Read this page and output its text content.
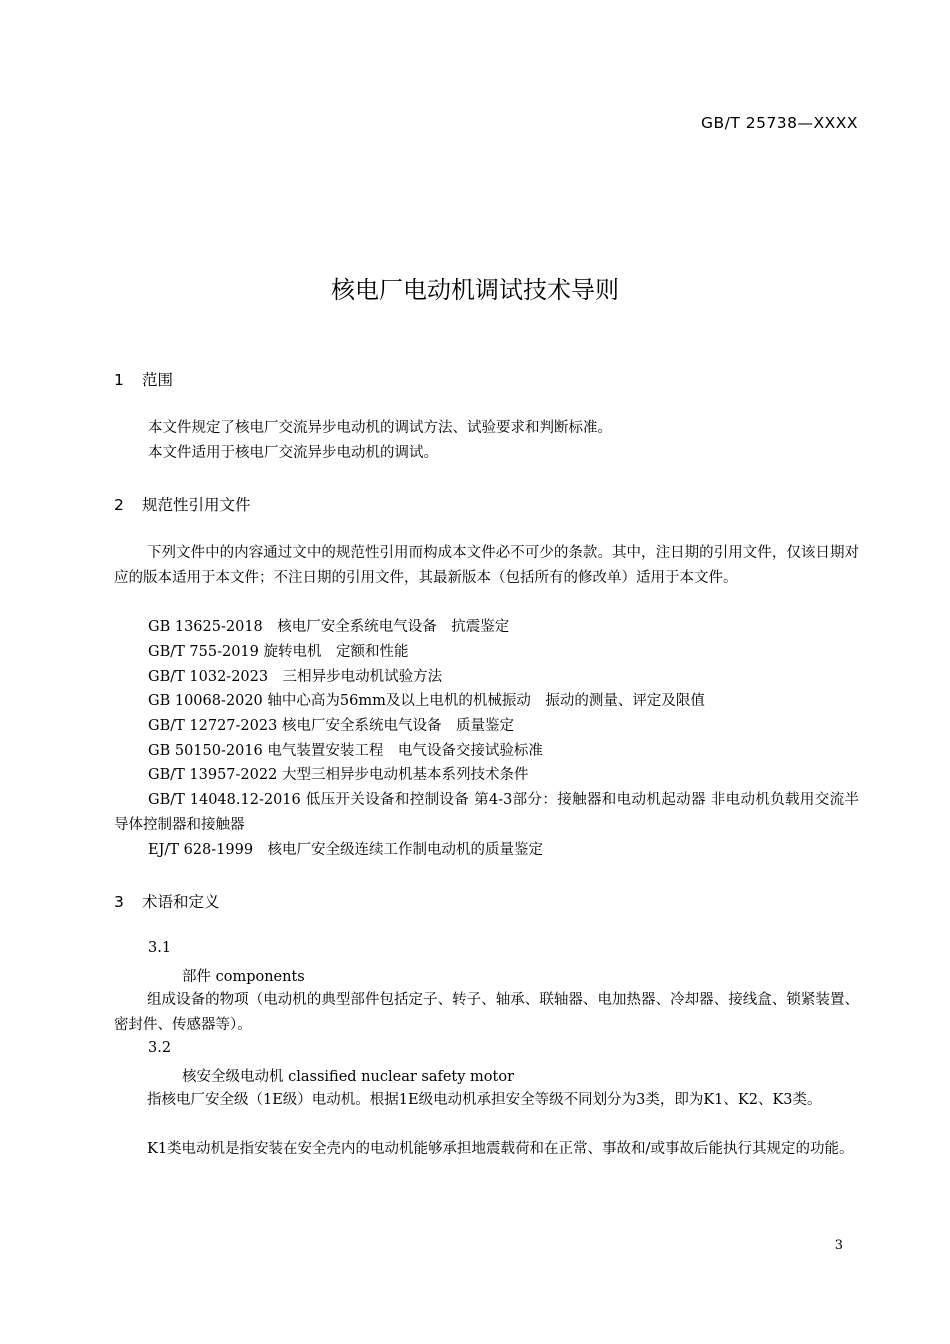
GB/T 25738—XXXX
核电厂电动机调试技术导则
1 范围
本文件规定了核电厂交流异步电动机的调试方法、试验要求和判断标准。
本文件适用于核电厂交流异步电动机的调试。
2 规范性引用文件
下列文件中的内容通过文中的规范性引用而构成本文件必不可少的条款。其中，注日期的引用文件，仅该日期对应的版本适用于本文件；不注日期的引用文件，其最新版本（包括所有的修改单）适用于本文件。
GB 13625-2018　核电厂安全系统电气设备　抗震鉴定
GB/T 755-2019 旋转电机　定额和性能
GB/T 1032-2023　三相异步电动机试验方法
GB 10068-2020 轴中心高为56mm及以上电机的机械振动　振动的测量、评定及限值
GB/T 12727-2023 核电厂安全系统电气设备　质量鉴定
GB 50150-2016 电气装置安装工程　电气设备交接试验标准
GB/T 13957-2022 大型三相异步电动机基本系列技术条件
GB/T 14048.12-2016 低压开关设备和控制设备 第4-3部分：接触器和电动机起动器 非电动机负载用交流半导体控制器和接触器
EJ/T 628-1999　核电厂安全级连续工作制电动机的质量鉴定
3 术语和定义
3.1
部件 components
组成设备的物项（电动机的典型部件包括定子、转子、轴承、联轴器、电加热器、冷却器、接线盒、锁紧装置、密封件、传感器等）。
3.2
核安全级电动机 classified nuclear safety motor
指核电厂安全级（1E级）电动机。根据1E级电动机承担安全等级不同划分为3类，即为K1、K2、K3类。
K1类电动机是指安装在安全壳内的电动机能够承担地震载荷和在正常、事故和/或事故后能执行其规定的功能。
3
